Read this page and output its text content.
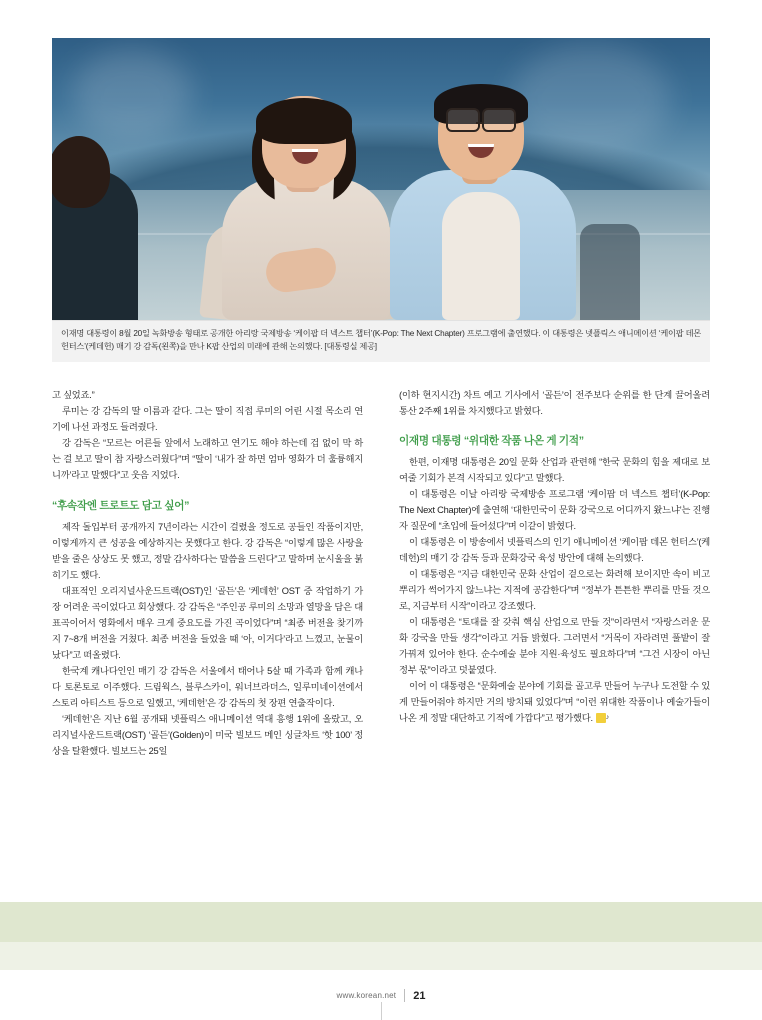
이재명 대통령이 8월 20일 녹화방송 형태로 공개한 아리랑 국제방송 ‘케이팝 더 넥스트 챕터’(K-Pop: The Next Chapter) 프로그램에 출연했다. 이 대통령은 넷플릭스 애니메이션 ‘케이팝 데몬 헌터스’(케데헌) 매기 강 감독(왼쪽)을 만나 K팝 산업의 미래에 관해 논의했다. [대통령실 제공]

고 싶었죠.”

루미는 강 감독의 딸 이름과 같다. 그는 딸이 직접 루미의 어린 시절 목소리 연기에 나선 과정도 들려줬다.

강 감독은 “모르는 어른들 앞에서 노래하고 연기도 해야 하는데 겁 없이 막 하는 걸 보고 딸이 참 자랑스러웠다”며 “딸이 ‘내가 잘 하면 엄마 영화가 더 훌륭해지니까’라고 말했다”고 웃음 지었다.

“후속작엔 트로트도 담고 싶어”

제작 돌입부터 공개까지 7년이라는 시간이 걸렸을 정도로 공들인 작품이지만, 이렇게까지 큰 성공을 예상하지는 못했다고 한다. 강 감독은 “이렇게 많은 사랑을 받을 줄은 상상도 못 했고, 정말 감사하다는 말씀을 드린다”고 말하며 눈시울을 붉히기도 했다.

대표적인 오리지널사운드트랙(OST)인 ‘골든’은 ‘케데헌’ OST 중 작업하기 가장 어려운 곡이었다고 회상했다. 강 감독은 “주인공 루미의 소망과 열망을 담은 대표곡이어서 영화에서 매우 크게 중요도를 가진 곡이었다”며 “최종 버전을 찾기까지 7~8개 버전을 거쳤다. 최종 버전을 들었을 때 ‘아, 이거다’라고 느꼈고, 눈물이 났다”고 떠올렸다.

한국계 캐나다인인 매기 강 감독은 서울에서 태어나 5살 때 가족과 함께 캐나다 토론토로 이주했다. 드림웍스, 블루스카이, 워너브라더스, 일루미네이션에서 스토리 아티스트 등으로 일했고, ‘케데헌’은 강 감독의 첫 장편 연출작이다.

‘케데헌’은 지난 6월 공개돼 넷플릭스 애니메이션 역대 흥행 1위에 올랐고, 오리지널사운드트랙(OST) ‘골든’(Golden)이 미국 빌보드 메인 싱글차트 ‘핫 100’ 정상을 탈환했다. 빌보드는 25일

(이하 현지시간) 차트 예고 기사에서 ‘골든’이 전주보다 순위를 한 단계 끌어올려 통산 2주째 1위를 차지했다고 밝혔다.

이재명 대통령 “위대한 작품 나온 게 기적”

한편, 이재명 대통령은 20일 문화 산업과 관련해 “한국 문화의 힘을 제대로 보여줄 기회가 본격 시작되고 있다”고 말했다.

이 대통령은 이날 아리랑 국제방송 프로그램 ‘케이팝 더 넥스트 챕터’(K-Pop: The Next Chapter)에 출연해 ‘대한민국이 문화 강국으로 어디까지 왔느냐’는 진행자 질문에 “초입에 들어섰다”며 이같이 밝혔다.

이 대통령은 이 방송에서 넷플릭스의 인기 애니메이션 ‘케이팝 데몬 헌터스’(케데헌)의 매기 강 감독 등과 문화강국 육성 방안에 대해 논의했다.

이 대통령은 “지금 대한민국 문화 산업이 겉으로는 화려해 보이지만 속이 비고 뿌리가 썩어가지 않느냐는 지적에 공감한다”며 “정부가 튼튼한 뿌리를 만들 것으로, 지금부터 시작”이라고 강조했다.

이 대통령은 “토대를 잘 갖춰 핵심 산업으로 만들 것”이라면서 “자랑스러운 문화 강국을 만들 생각”이라고 거듭 밝혔다. 그러면서 “거목이 자라려면 풀밭이 잘 가꿔져 있어야 한다. 순수예술 분야 지원·육성도 필요하다”며 “그건 시장이 아닌 정부 몫”이라고 덧붙였다.

이어 이 대통령은 “문화예술 분야에 기회를 골고루 만들어 누구나 도전할 수 있게 만들어줘야 하지만 거의 방치돼 있었다”며 “이런 위대한 작품이나 예술가들이 나온 게 정말 대단하고 기적에 가깝다”고 평가했다. ♪

www.korean.net 21
